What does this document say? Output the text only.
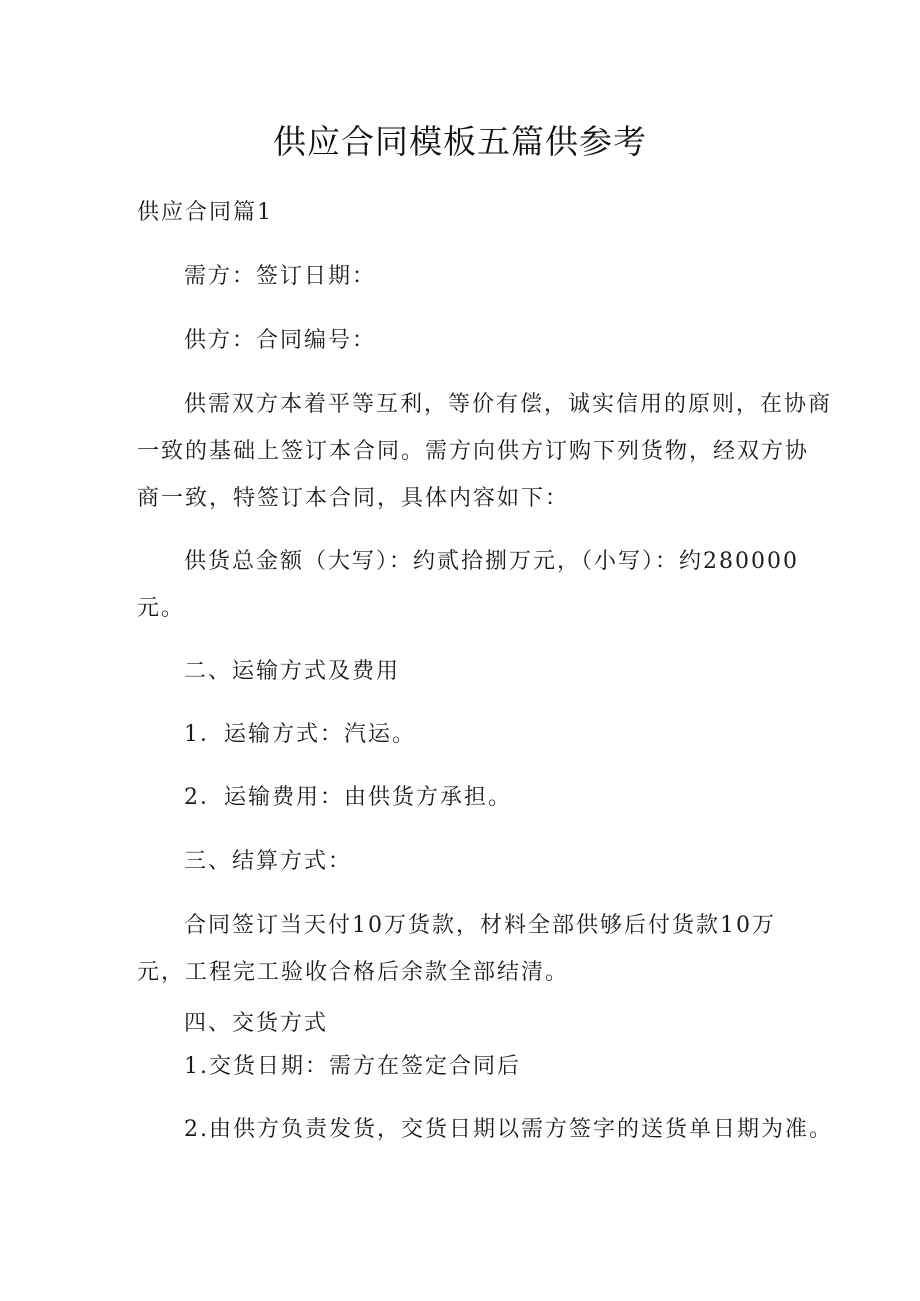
供应合同模板五篇供参考
供应合同篇1
需方：签订日期：
供方：合同编号：
供需双方本着平等互利，等价有偿，诚实信用的原则，在协商
一致的基础上签订本合同。需方向供方订购下列货物，经双方协
商一致，特签订本合同，具体内容如下：
供货总金额（大写）：约贰拾捌万元，（小写）：约280000
元。
二、运输方式及费用
1．运输方式：汽运。
2．运输费用：由供货方承担。
三、结算方式：
合同签订当天付10万货款，材料全部供够后付货款10万
元，工程完工验收合格后余款全部结清。
四、交货方式
1.交货日期：需方在签定合同后
2.由供方负责发货，交货日期以需方签字的送货单日期为准。
